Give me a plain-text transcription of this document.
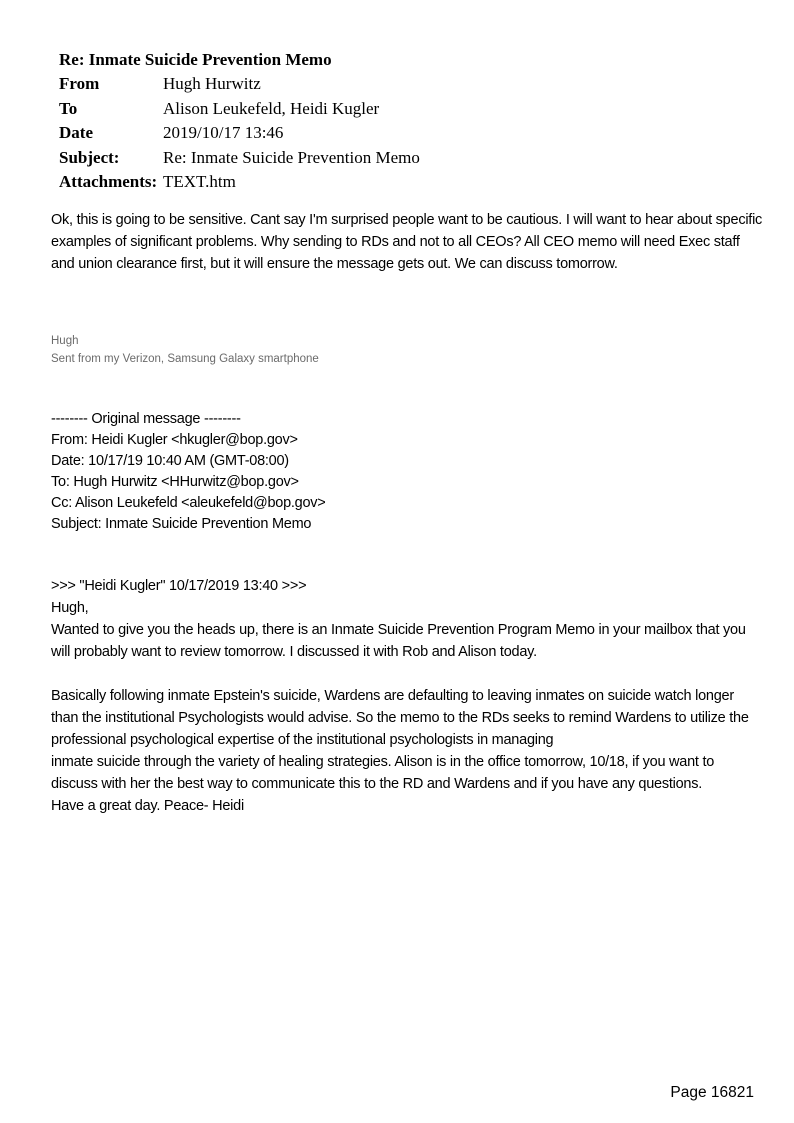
Re: Inmate Suicide Prevention Memo
From	Hugh Hurwitz
To	Alison Leukefeld, Heidi Kugler
Date	2019/10/17 13:46
Subject:	Re: Inmate Suicide Prevention Memo
Attachments:	TEXT.htm

Ok, this is going to be sensitive. Cant say I'm surprised people want to be cautious. I will want to hear about specific examples of significant problems. Why sending to RDs and not to all CEOs? All CEO memo will need Exec staff and union clearance first, but it will ensure the message gets out. We can discuss tomorrow.

Hugh
Sent from my Verizon, Samsung Galaxy smartphone
-------- Original message --------
From: Heidi Kugler <hkugler@bop.gov>
Date: 10/17/19 10:40 AM (GMT-08:00)
To: Hugh Hurwitz <HHurwitz@bop.gov>
Cc: Alison Leukefeld <aleukefeld@bop.gov>
Subject: Inmate Suicide Prevention Memo

>>> "Heidi Kugler" 10/17/2019 13:40 >>>
Hugh,
Wanted to give you the heads up, there is an Inmate Suicide Prevention Program Memo in your mailbox that you will probably want to review tomorrow. I discussed it with Rob and Alison today.

Basically following inmate Epstein's suicide, Wardens are defaulting to leaving inmates on suicide watch longer than the institutional Psychologists would advise. So the memo to the RDs seeks to remind Wardens to utilize the professional psychological expertise of the institutional psychologists in managing
inmate suicide through the variety of healing strategies. Alison is in the office tomorrow, 10/18, if you want to discuss with her the best way to communicate this to the RD and Wardens and if you have any questions.
Have a great day. Peace- Heidi

Page 16821
